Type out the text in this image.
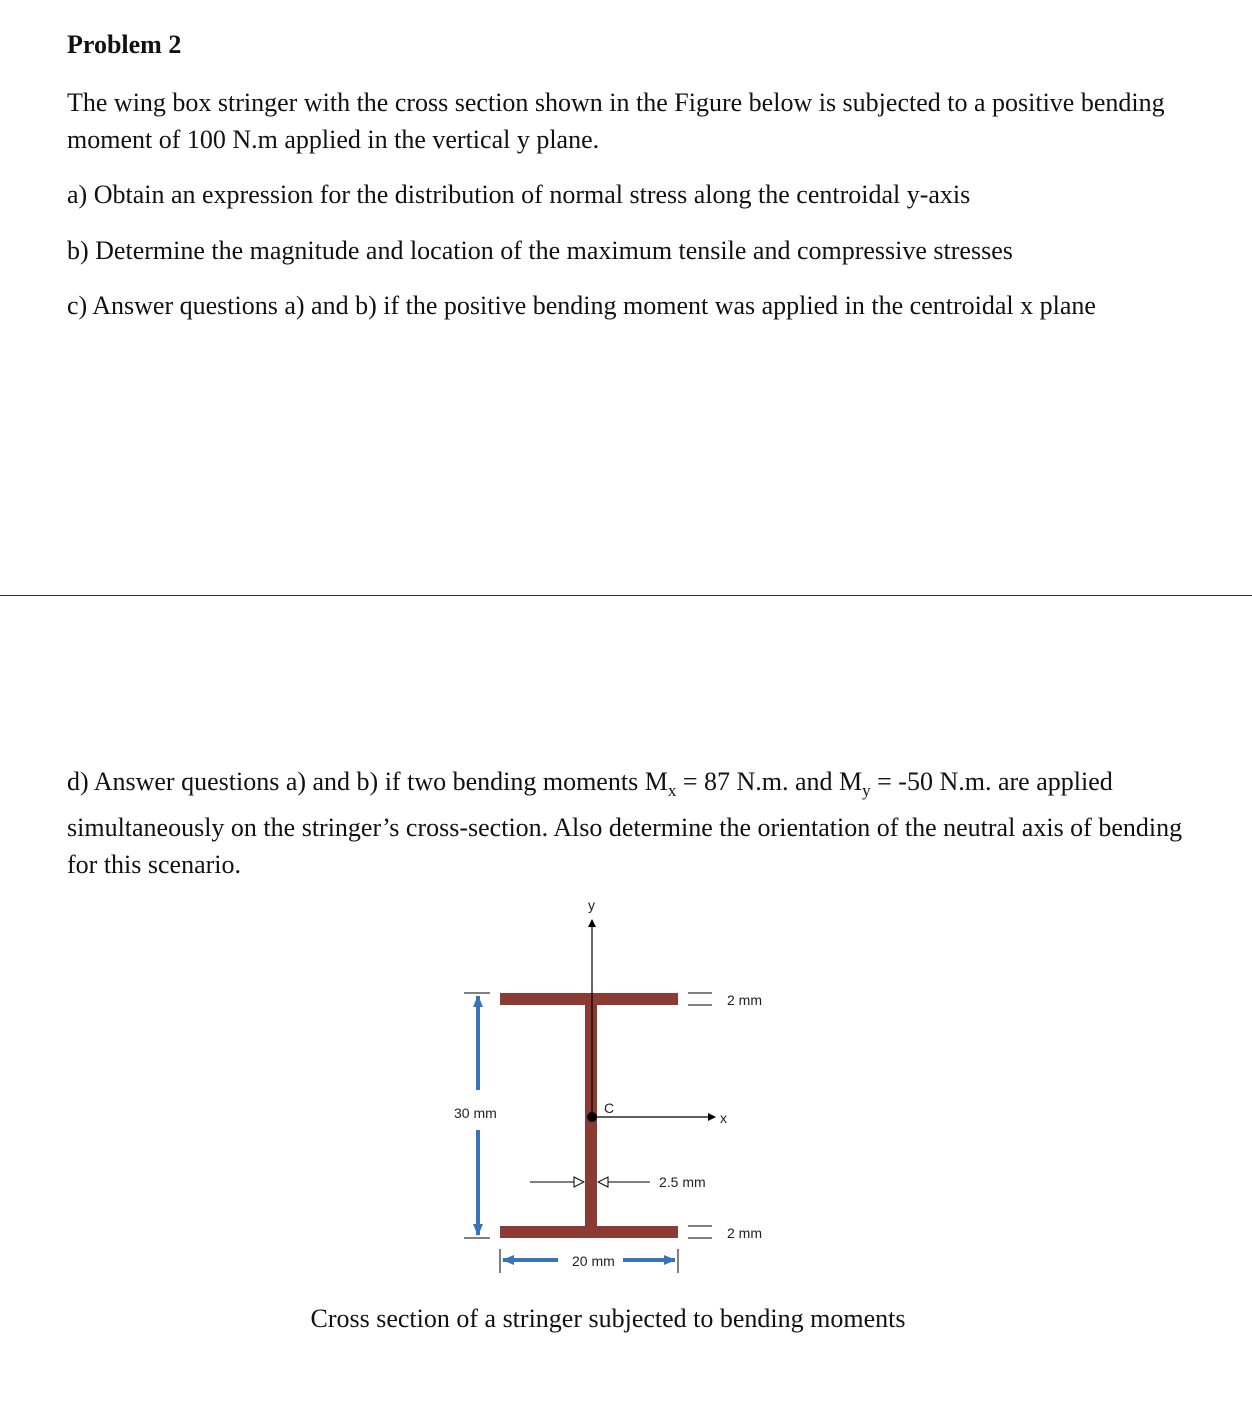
Problem 2

The wing box stringer with the cross section shown in the Figure below is subjected to a positive bending moment of 100 N.m applied in the vertical y plane.

a) Obtain an expression for the distribution of normal stress along the centroidal y-axis

b) Determine the magnitude and location of the maximum tensile and compressive stresses

c) Answer questions a) and b) if the positive bending moment was applied in the centroidal x plane

d) Answer questions a) and b) if two bending moments $M_x = 87$ N.m. and $M_y = -50$ N.m. are applied simultaneously on the stringer’s cross-section. Also determine the orientation of the neutral axis of bending for this scenario.

y
x
C
2 mm
2 mm
2.5 mm
30 mm
20 mm

Cross section of a stringer subjected to bending moments
